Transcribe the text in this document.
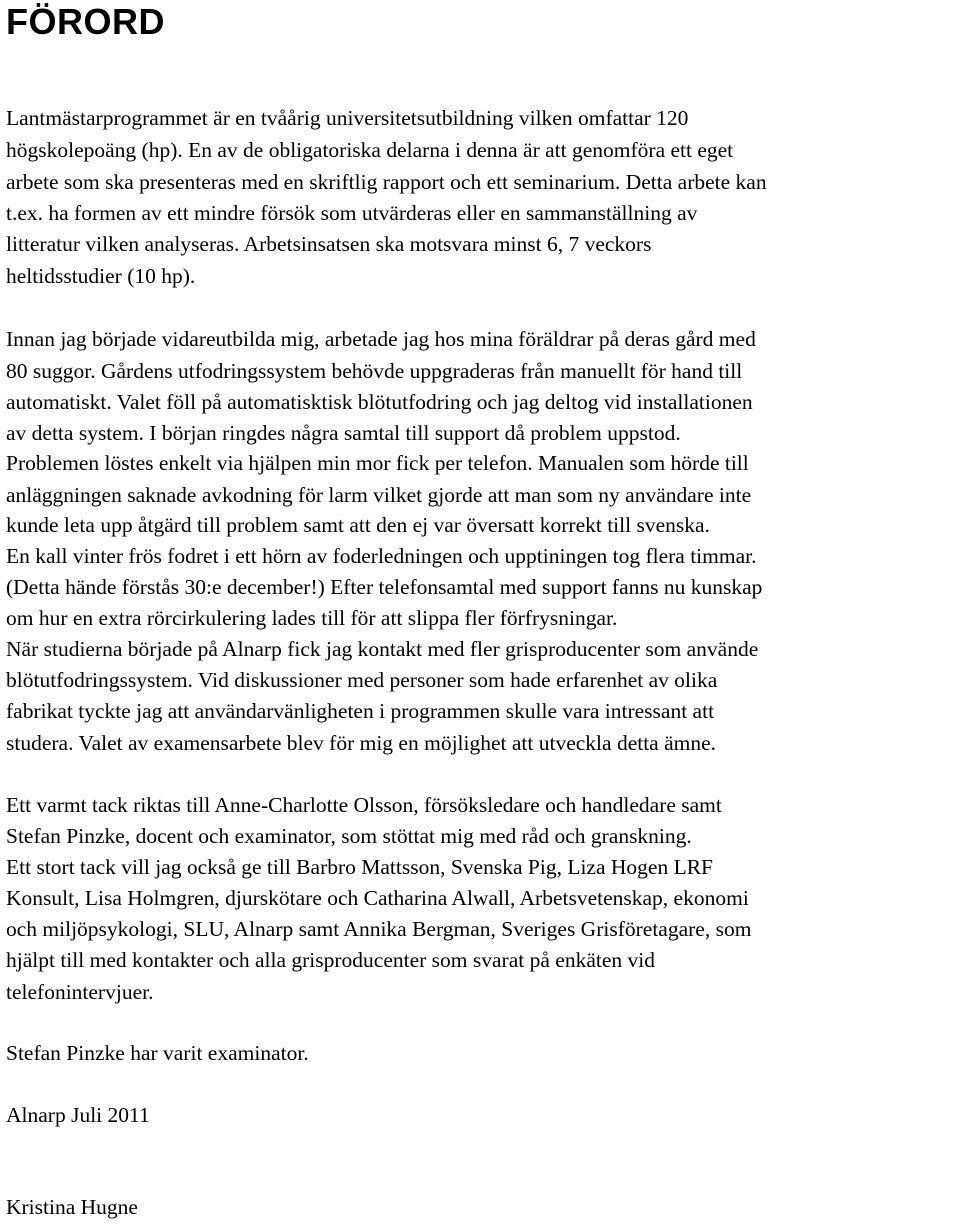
FÖRORD
Lantmästarprogrammet är en tvåårig universitetsutbildning vilken omfattar 120
högskolepoäng (hp). En av de obligatoriska delarna i denna är att genomföra ett eget
arbete som ska presenteras med en skriftlig rapport och ett seminarium. Detta arbete kan
t.ex. ha formen av ett mindre försök som utvärderas eller en sammanställning av
litteratur vilken analyseras. Arbetsinsatsen ska motsvara minst 6, 7 veckors
heltidsstudier (10 hp).
Innan jag började vidareutbilda mig, arbetade jag hos mina föräldrar på deras gård med
80 suggor. Gårdens utfodringssystem behövde uppgraderas från manuellt för hand till
automatiskt. Valet föll på automatisktisk blötutfodring och jag deltog vid installationen
av detta system. I början ringdes några samtal till support då problem uppstod.
Problemen löstes enkelt via hjälpen min mor fick per telefon. Manualen som hörde till
anläggningen saknade avkodning för larm vilket gjorde att man som ny användare inte
kunde leta upp åtgärd till problem samt att den ej var översatt korrekt till svenska.
En kall vinter frös fodret i ett hörn av foderledningen och upptiningen tog flera timmar.
(Detta hände förstås 30:e december!) Efter telefonsamtal med support fanns nu kunskap
om hur en extra rörcirkulering lades till för att slippa fler förfrysningar.
När studierna började på Alnarp fick jag kontakt med fler grisproducenter som använde
blötutfodringssystem. Vid diskussioner med personer som hade erfarenhet av olika
fabrikat tyckte jag att användarvänligheten i programmen skulle vara intressant att
studera. Valet av examensarbete blev för mig en möjlighet att utveckla detta ämne.
Ett varmt tack riktas till Anne-Charlotte Olsson, försöksledare och handledare samt
Stefan Pinzke, docent och examinator, som stöttat mig med råd och granskning.
Ett stort tack vill jag också ge till Barbro Mattsson, Svenska Pig, Liza Hogen LRF
Konsult, Lisa Holmgren, djurskötare och Catharina Alwall, Arbetsvetenskap, ekonomi
och miljöpsykologi, SLU, Alnarp samt Annika Bergman, Sveriges Grisföretagare, som
hjälpt till med kontakter och alla grisproducenter som svarat på enkäten vid
telefonintervjuer.
Stefan Pinzke har varit examinator.
Alnarp Juli 2011
Kristina Hugne
